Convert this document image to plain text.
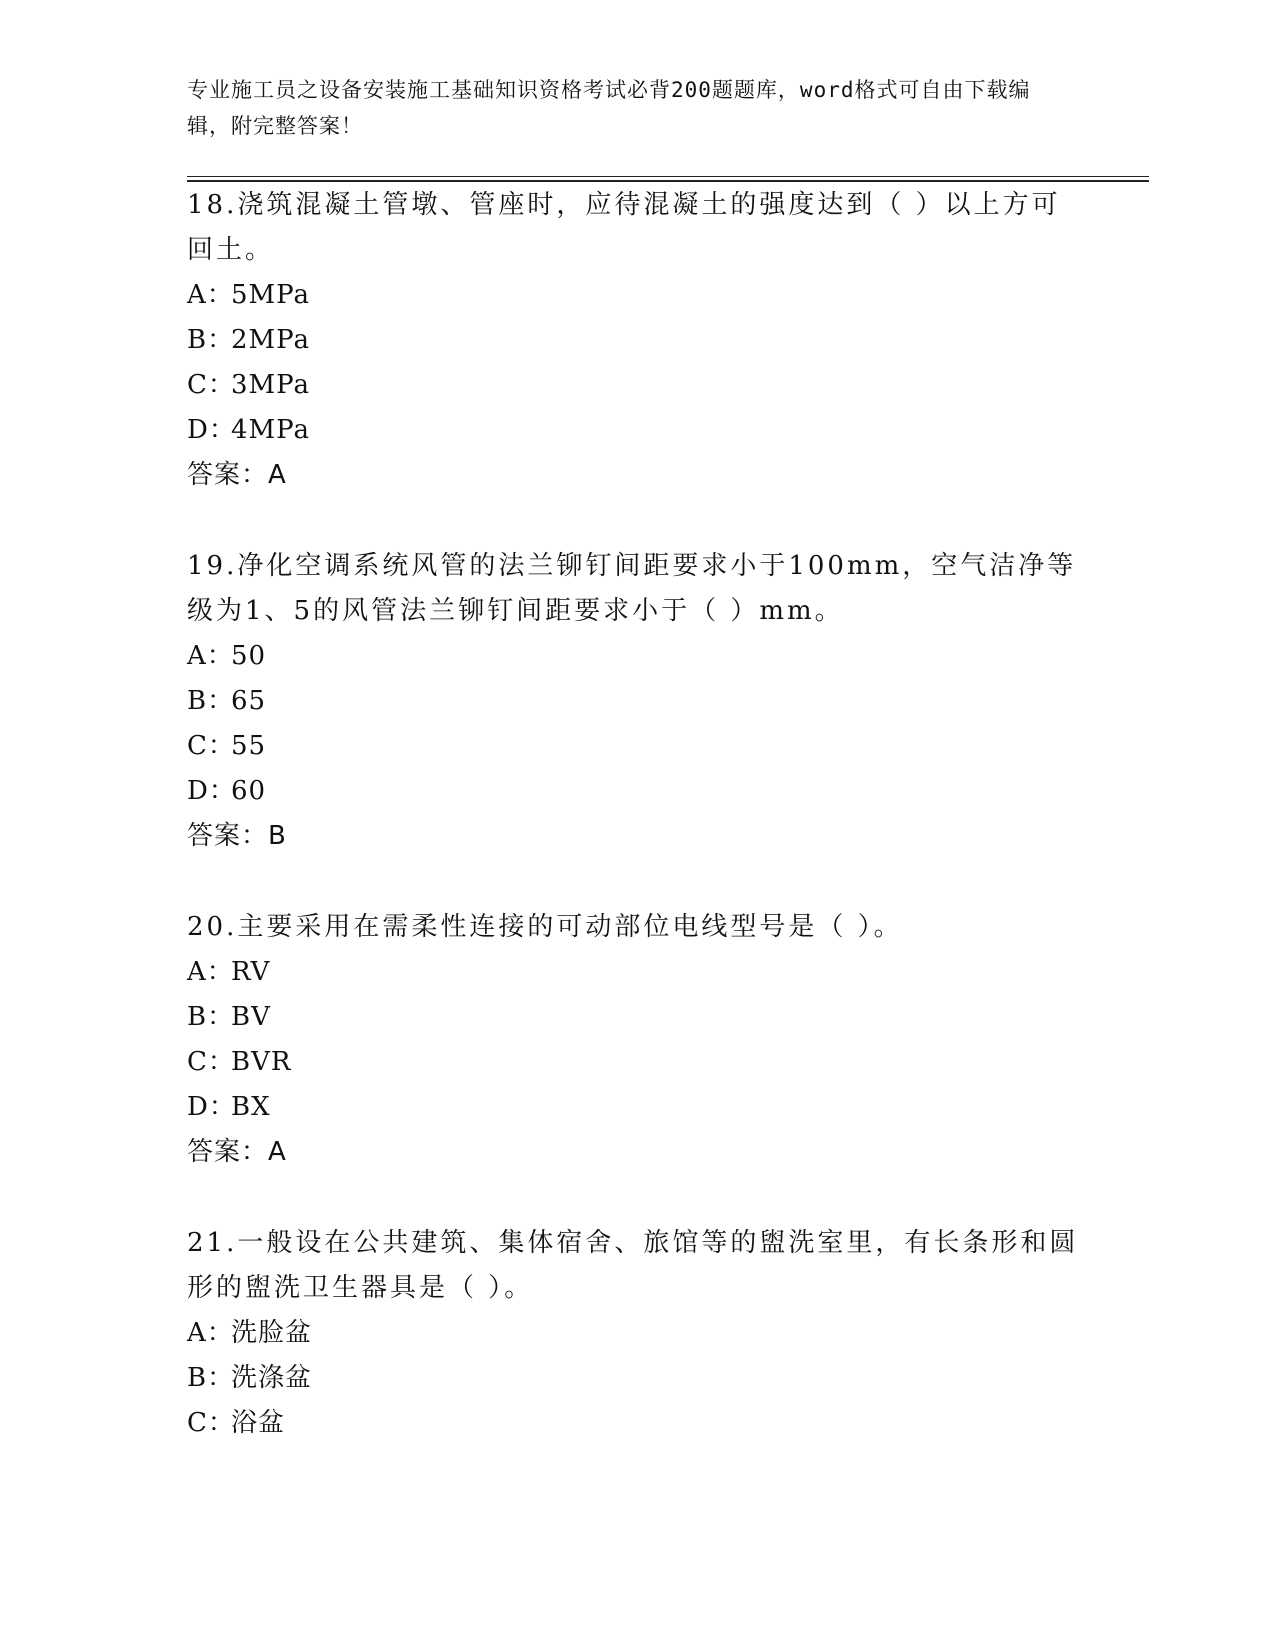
专业施工员之设备安装施工基础知识资格考试必背200题题库，word格式可自由下载编辑，附完整答案！

18.浇筑混凝土管墩、管座时，应待混凝土的强度达到（ ）以上方可回土。

A：5MPa

B：2MPa

C：3MPa

D：4MPa

答案：A

19.净化空调系统风管的法兰铆钉间距要求小于100mm，空气洁净等级为1、5的风管法兰铆钉间距要求小于（ ）mm。

A：50

B：65

C：55

D：60

答案：B

20.主要采用在需柔性连接的可动部位电线型号是（ ）。

A：RV

B：BV

C：BVR

D：BX

答案：A

21.一般设在公共建筑、集体宿舍、旅馆等的盥洗室里，有长条形和圆形的盥洗卫生器具是（ ）。

A：洗脸盆

B：洗涤盆

C：浴盆
